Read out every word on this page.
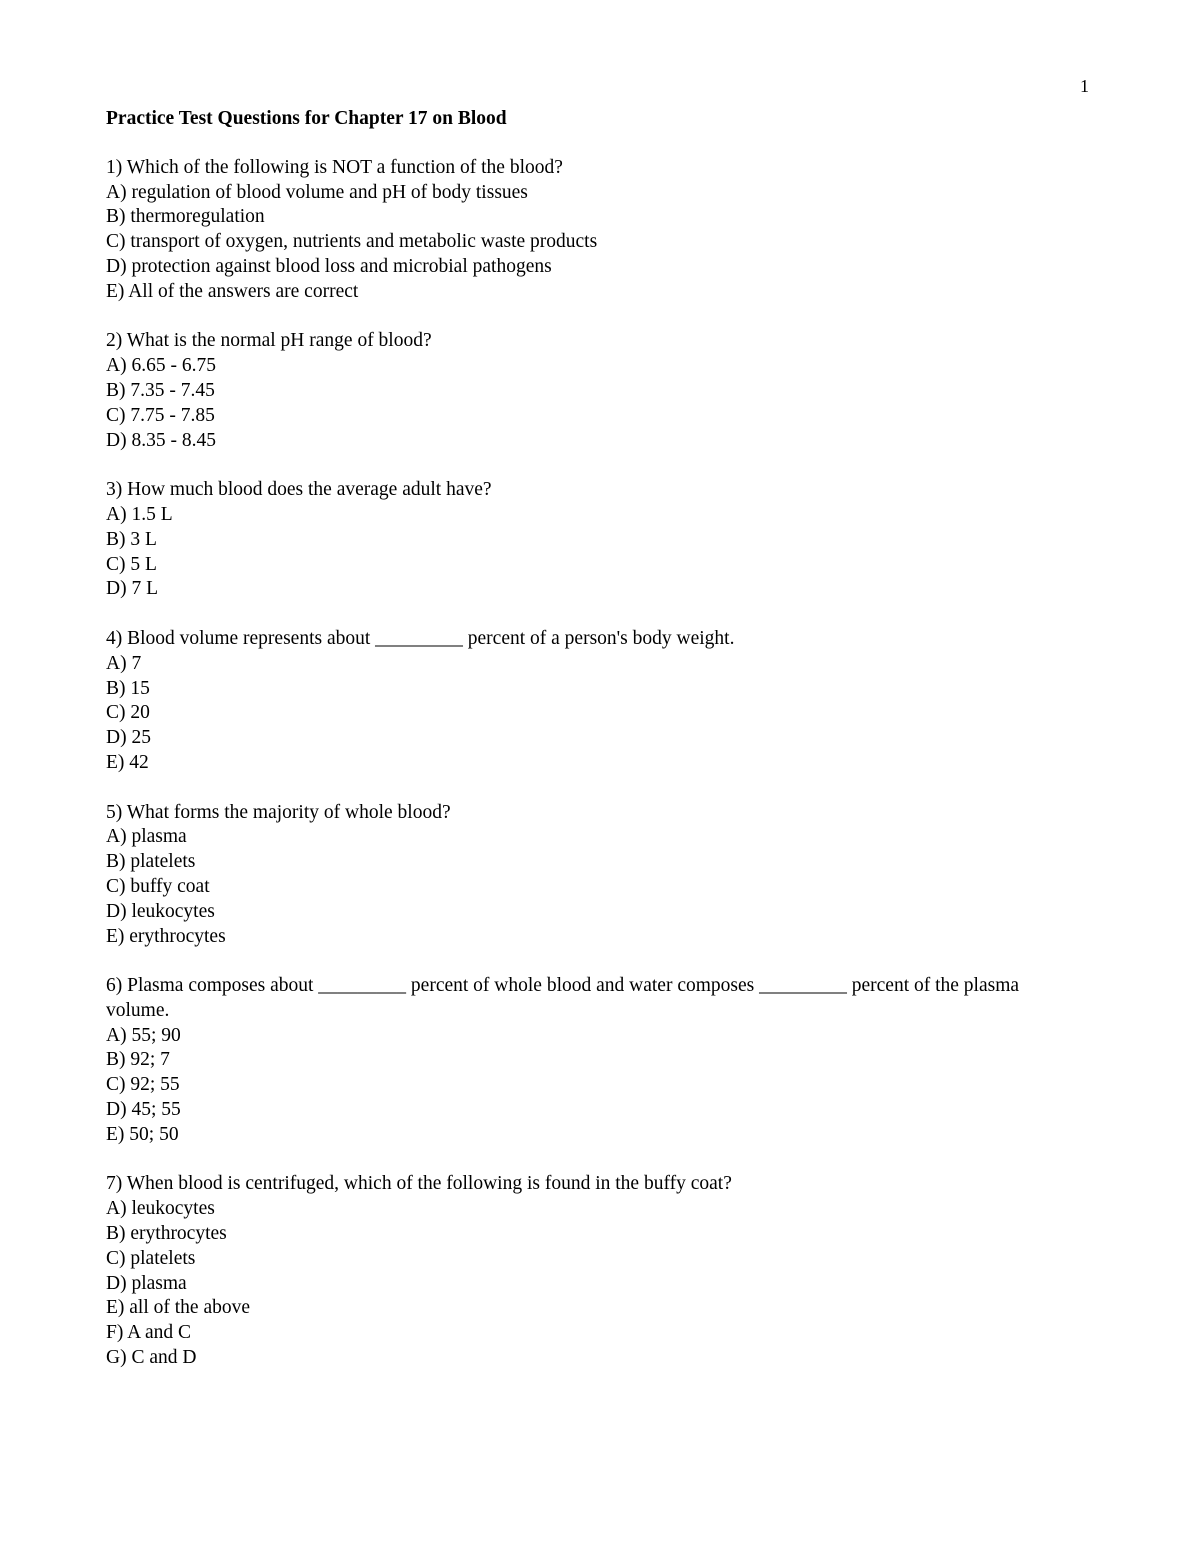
1
Practice Test Questions for Chapter 17 on Blood
1) Which of the following is NOT a function of the blood?
A) regulation of blood volume and pH of body tissues
B) thermoregulation
C) transport of oxygen, nutrients and metabolic waste products
D) protection against blood loss and microbial pathogens
E) All of the answers are correct
2) What is the normal pH range of blood?
A) 6.65 - 6.75
B) 7.35 - 7.45
C) 7.75 - 7.85
D) 8.35 - 8.45
3) How much blood does the average adult have?
A) 1.5 L
B) 3 L
C) 5 L
D) 7 L
4) Blood volume represents about _________ percent of a person's body weight.
A) 7
B) 15
C) 20
D) 25
E) 42
5) What forms the majority of whole blood?
A) plasma
B) platelets
C) buffy coat
D) leukocytes
E) erythrocytes
6) Plasma composes about _________ percent of whole blood and water composes _________ percent of the plasma volume.
A) 55; 90
B) 92; 7
C) 92; 55
D) 45; 55
E) 50; 50
7) When blood is centrifuged, which of the following is found in the buffy coat?
A) leukocytes
B) erythrocytes
C) platelets
D) plasma
E) all of the above
F) A and C
G) C and D
